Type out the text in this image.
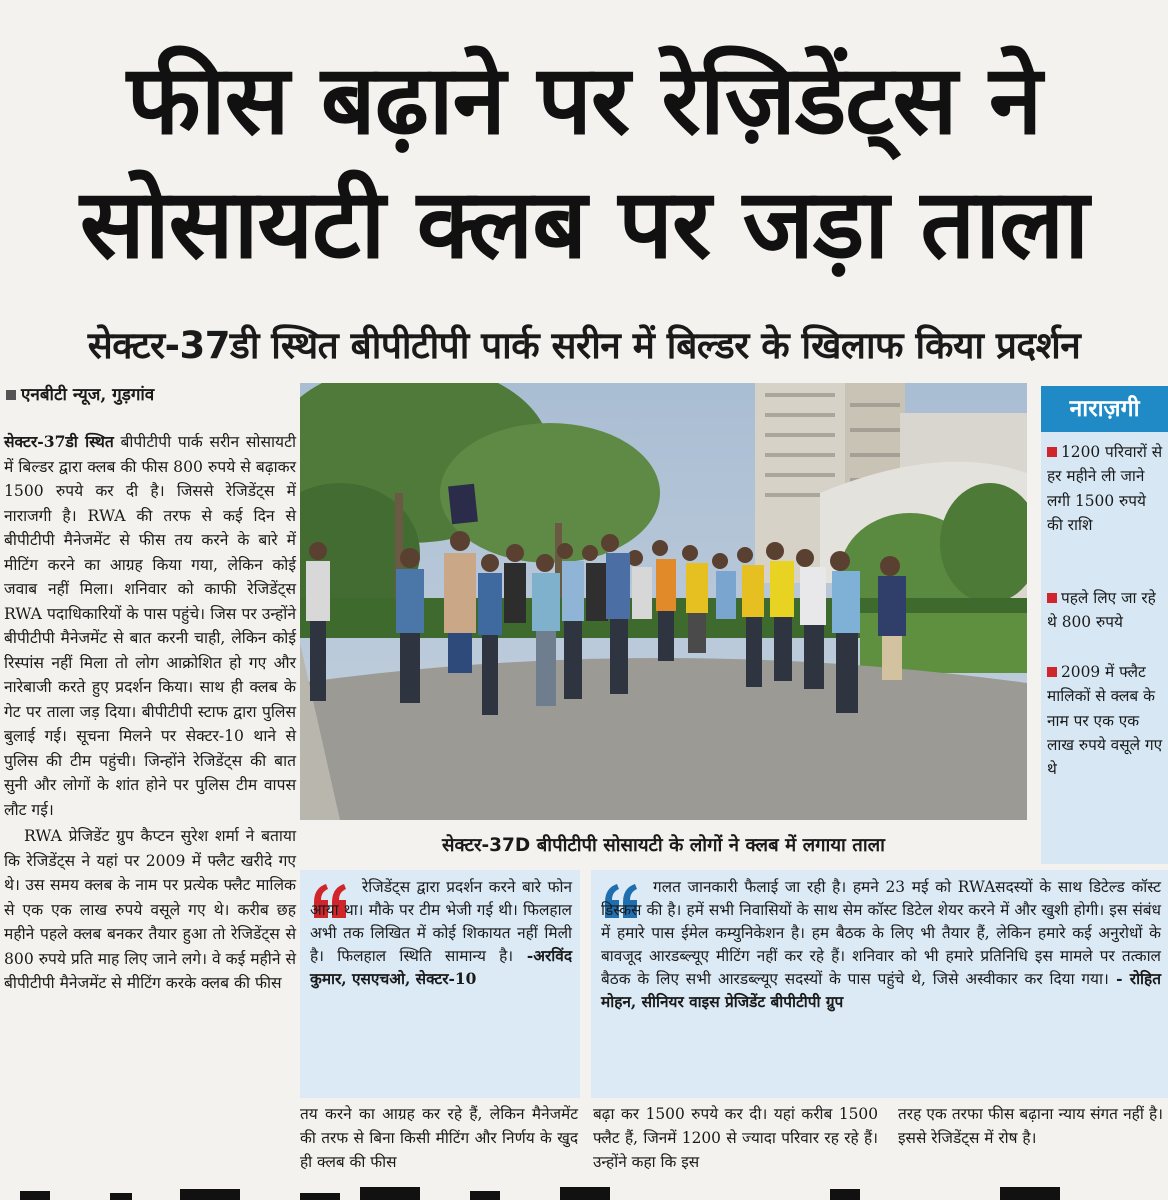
फीस बढ़ाने पर रेज़िडेंट्स ने
सोसायटी क्लब पर जड़ा ताला
सेक्टर-37डी स्थित बीपीटीपी पार्क सरीन में बिल्डर के खिलाफ किया प्रदर्शन
एनबीटी न्यूज, गुड़गांव

सेक्टर-37डी स्थित बीपीटीपी पार्क सरीन सोसायटी में बिल्डर द्वारा क्लब की फीस 800 रुपये से बढ़ाकर 1500 रुपये कर दी है। जिससे रेजिडेंट्स में नाराजगी है। RWA की तरफ से कई दिन से बीपीटीपी मैनेजमेंट से फीस तय करने के बारे में मीटिंग करने का आग्रह किया गया, लेकिन कोई जवाब नहीं मिला। शनिवार को काफी रेजिडेंट्स RWA पदाधिकारियों के पास पहुंचे। जिस पर उन्होंने बीपीटीपी मैनेजमेंट से बात करनी चाही, लेकिन कोई रिस्पांस नहीं मिला तो लोग आक्रोशित हो गए और नारेबाजी करते हुए प्रदर्शन किया। साथ ही क्लब के गेट पर ताला जड़ दिया। बीपीटीपी स्टाफ द्वारा पुलिस बुलाई गई। सूचना मिलने पर सेक्टर-10 थाने से पुलिस की टीम पहुंची। जिन्होंने रेजिडेंट्स की बात सुनी और लोगों के शांत होने पर पुलिस टीम वापस लौट गई।

RWA प्रेजिडेंट ग्रुप कैप्टन सुरेश शर्मा ने बताया कि रेजिडेंट्स ने यहां पर 2009 में फ्लैट खरीदे गए थे। उस समय क्लब के नाम पर प्रत्येक फ्लैट मालिक से एक एक लाख रुपये वसूले गए थे। करीब छह महीने पहले क्लब बनकर तैयार हुआ तो रेजिडेंट्स से 800 रुपये प्रति माह लिए जाने लगे। वे कई महीने से बीपीटीपी मैनेजमेंट से मीटिंग करके क्लब की फीस

सेक्टर-37D बीपीटीपी सोसायटी के लोगों ने क्लब में लगाया ताला
नाराज़गी
1200 परिवारों से हर महीने ली जाने लगी 1500 रुपये की राशि
पहले लिए जा रहे थे 800 रुपये
2009 में फ्लैट मालिकों से क्लब के नाम पर एक एक लाख रुपये वसूले गए थे
रेजिडेंट्स द्वारा प्रदर्शन करने बारे फोन आया था। मौके पर टीम भेजी गई थी। फिलहाल अभी तक लिखित में कोई शिकायत नहीं मिली है। फिलहाल स्थिति सामान्य है। -अरविंद कुमार, एसएचओ, सेक्टर-10
गलत जानकारी फैलाई जा रही है। हमने 23 मई को RWAसदस्यों के साथ डिटेल्ड कॉस्ट डिस्कस की है। हमें सभी निवासियों के साथ सेम कॉस्ट डिटेल शेयर करने में और खुशी होगी। इस संबंध में हमारे पास ईमेल कम्युनिकेशन है। हम बैठक के लिए भी तैयार हैं, लेकिन हमारे कई अनुरोधों के बावजूद आरडब्ल्यूए मीटिंग नहीं कर रहे हैं। शनिवार को भी हमारे प्रतिनिधि इस मामले पर तत्काल बैठक के लिए सभी आरडब्ल्यूए सदस्यों के पास पहुंचे थे, जिसे अस्वीकार कर दिया गया। - रोहित मोहन, सीनियर वाइस प्रेजिडेंट बीपीटीपी ग्रुप
तय करने का आग्रह कर रहे हैं, लेकिन मैनेजमेंट की तरफ से बिना किसी मीटिंग और निर्णय के खुद ही क्लब की फीस
बढ़ा कर 1500 रुपये कर दी। यहां करीब 1500 फ्लैट हैं, जिनमें 1200 से ज्यादा परिवार रह रहे हैं। उन्होंने कहा कि इस
तरह एक तरफा फीस बढ़ाना न्याय संगत नहीं है। इससे रेजिडेंट्स में रोष है।
